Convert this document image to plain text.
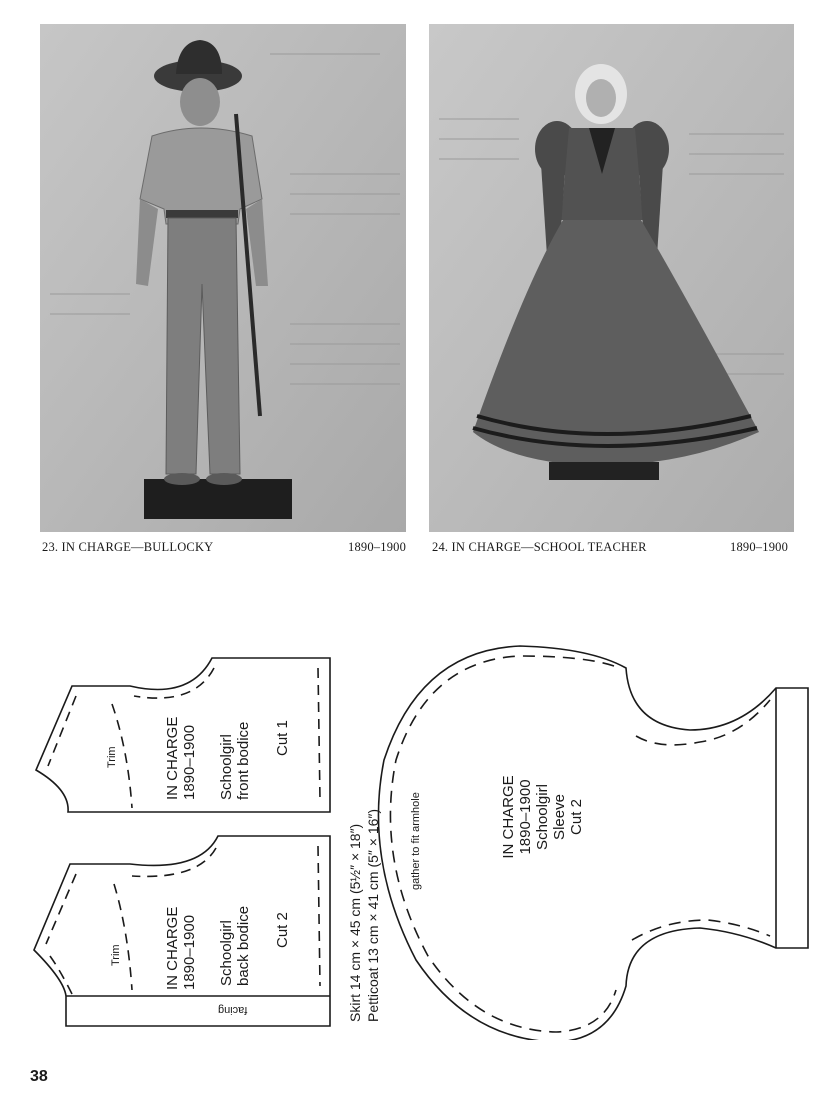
23. IN CHARGE—BULLOCKY	1890–1900 24. IN CHARGE—SCHOOL TEACHER	1890–1900
Trim	IN CHARGE 1890–1900 Schoolgirl front bodice Cut 1
Trim	IN CHARGE 1890–1900 Schoolgirl back bodice Cut 2
facing	Skirt 14 cm × 45 cm (5½″ × 18″) Petticoat 13 cm × 41 cm (5″ × 16″)	gather to fit armhole	IN CHARGE 1890–1900 Schoolgirl Sleeve Cut 2
38
